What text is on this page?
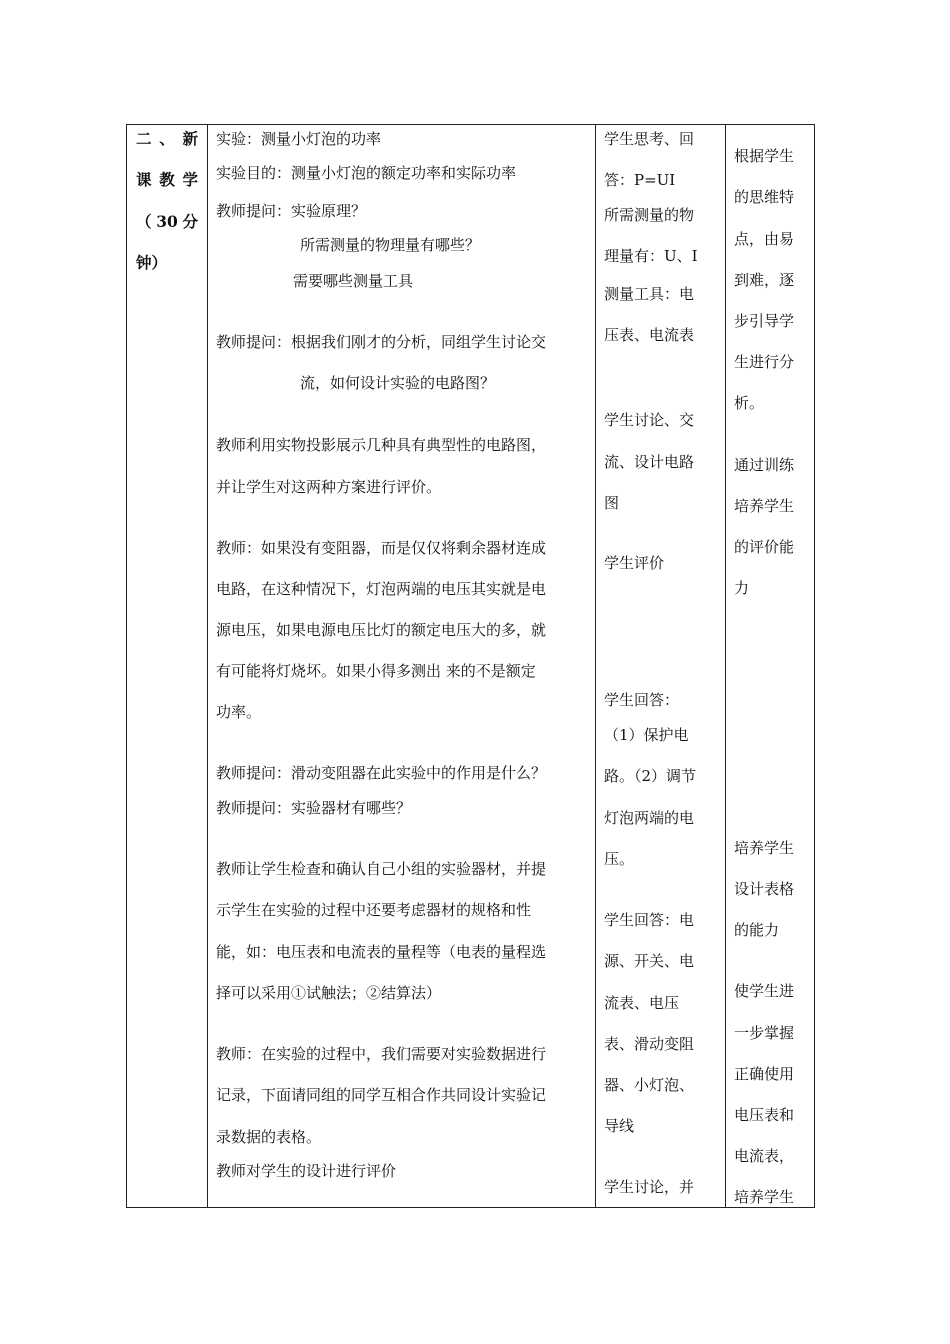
二 、 新
课 教 学
（ 30 分
钟）
实验：测量小灯泡的功率
实验目的：测量小灯泡的额定功率和实际功率
教师提问：实验原理？
所需测量的物理量有哪些？
需要哪些测量工具
教师提问：根据我们刚才的分析，同组学生讨论交
流，如何设计实验的电路图？
教师利用实物投影展示几种具有典型性的电路图，
并让学生对这两种方案进行评价。
教师：如果没有变阻器，而是仅仅将剩余器材连成
电路，在这种情况下，灯泡两端的电压其实就是电
源电压，如果电源电压比灯的额定电压大的多，就
有可能将灯烧坏。如果小得多测出 来的不是额定
功率。
教师提问：滑动变阻器在此实验中的作用是什么？
教师提问：实验器材有哪些？
教师让学生检查和确认自己小组的实验器材，并提
示学生在实验的过程中还要考虑器材的规格和性
能，如：电压表和电流表的量程等（电表的量程选
择可以采用①试触法；②结算法）
教师：在实验的过程中，我们需要对实验数据进行
记录，下面请同组的同学互相合作共同设计实验记
录数据的表格。
教师对学生的设计进行评价
学生思考、回
答：P=UI
所需测量的物
理量有：U、I
测量工具：电
压表、电流表
学生讨论、交
流、设计电路
图
学生评价
学生回答：
（1）保护电
路。（2）调节
灯泡两端的电
压。
学生回答：电
源、开关、电
流表、电压
表、滑动变阻
器、小灯泡、
导线
学生讨论，并
根据学生
的思维特
点，由易
到难，逐
步引导学
生进行分
析。
通过训练
培养学生
的评价能
力
培养学生
设计表格
的能力
使学生进
一步掌握
正确使用
电压表和
电流表，
培养学生
